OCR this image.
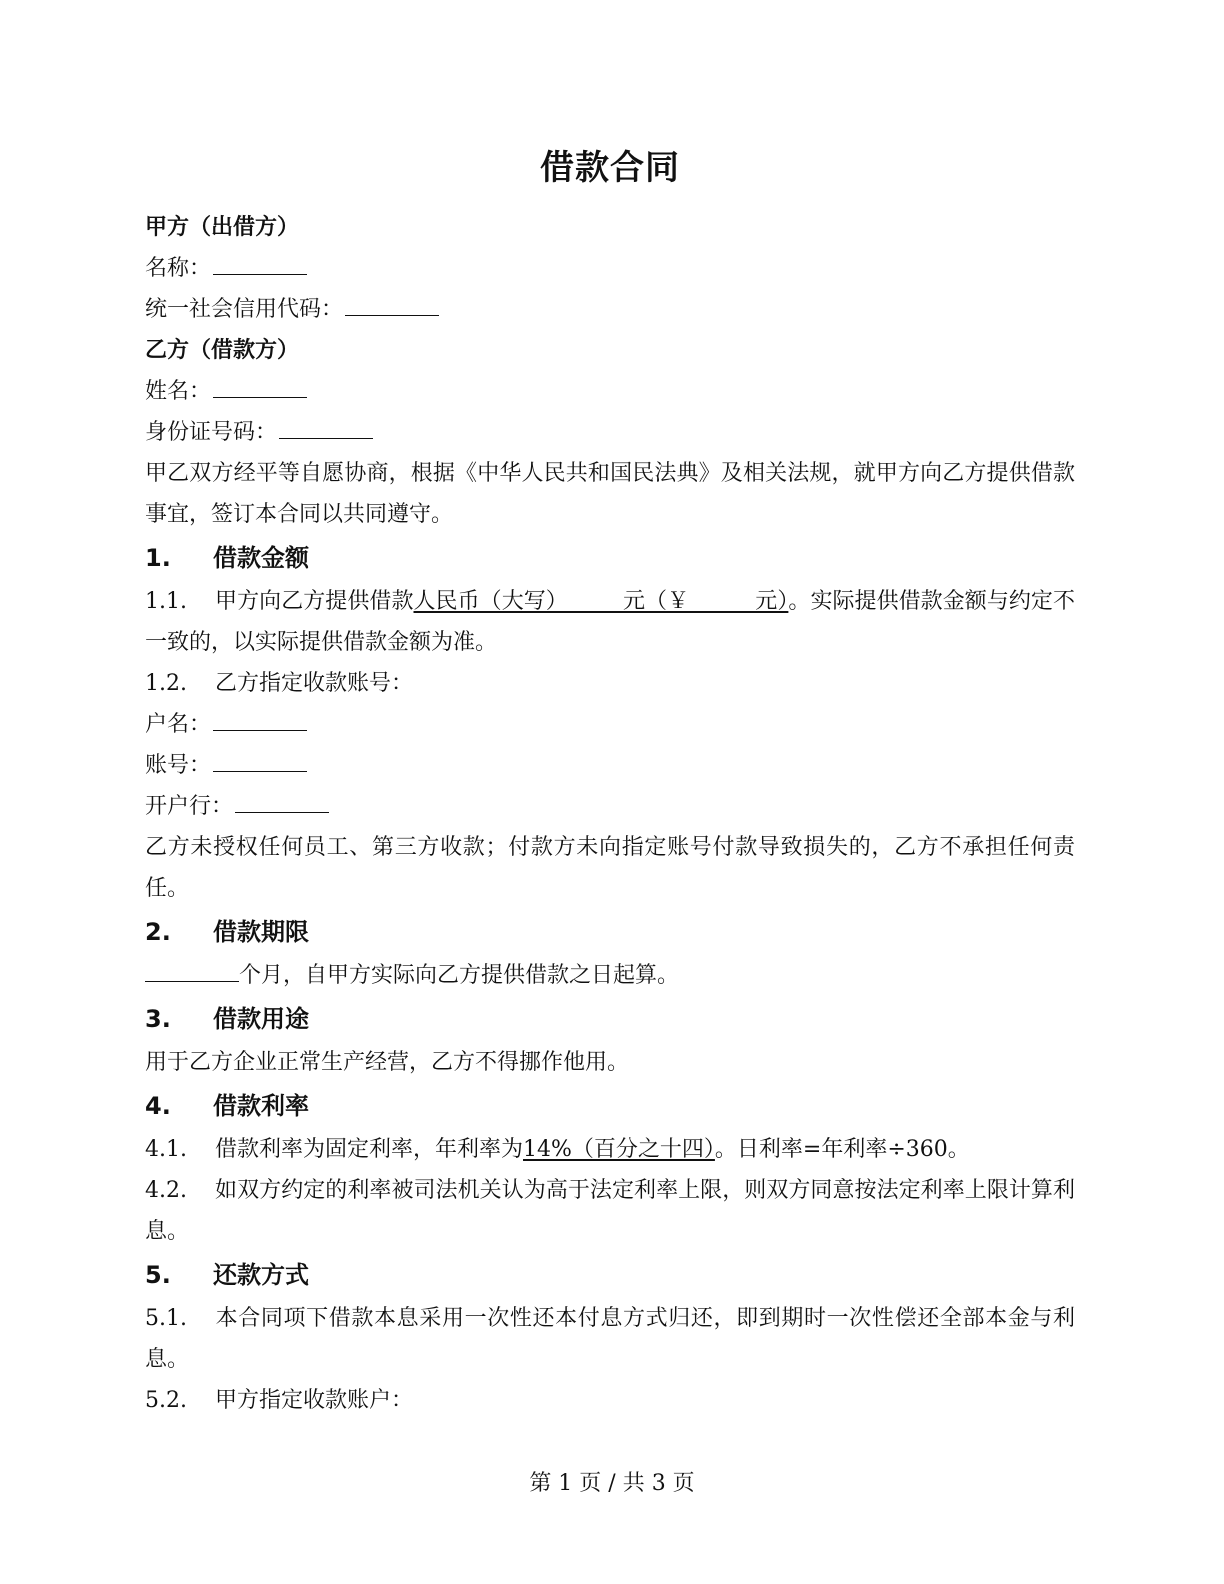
借款合同

甲方（出借方）

名称：

统一社会信用代码：

乙方（借款方）

姓名：

身份证号码：

甲乙双方经平等自愿协商，根据《中华人民共和国民法典》及相关法规，就甲方向乙方提供借款事宜，签订本合同以共同遵守。

1.	借款金额

1.1. 甲方向乙方提供借款人民币（大写）　　　元（￥　　　元）。实际提供借款金额与约定不一致的，以实际提供借款金额为准。

1.2. 乙方指定收款账号：

户名：

账号：

开户行：

乙方未授权任何员工、第三方收款；付款方未向指定账号付款导致损失的，乙方不承担任何责任。

2.	借款期限

个月，自甲方实际向乙方提供借款之日起算。

3.	借款用途

用于乙方企业正常生产经营，乙方不得挪作他用。

4.	借款利率

4.1. 借款利率为固定利率，年利率为14%（百分之十四）。日利率=年利率÷360。

4.2. 如双方约定的利率被司法机关认为高于法定利率上限，则双方同意按法定利率上限计算利息。

5.	还款方式

5.1. 本合同项下借款本息采用一次性还本付息方式归还，即到期时一次性偿还全部本金与利息。

5.2. 甲方指定收款账户：

第 1 页 / 共 3 页
